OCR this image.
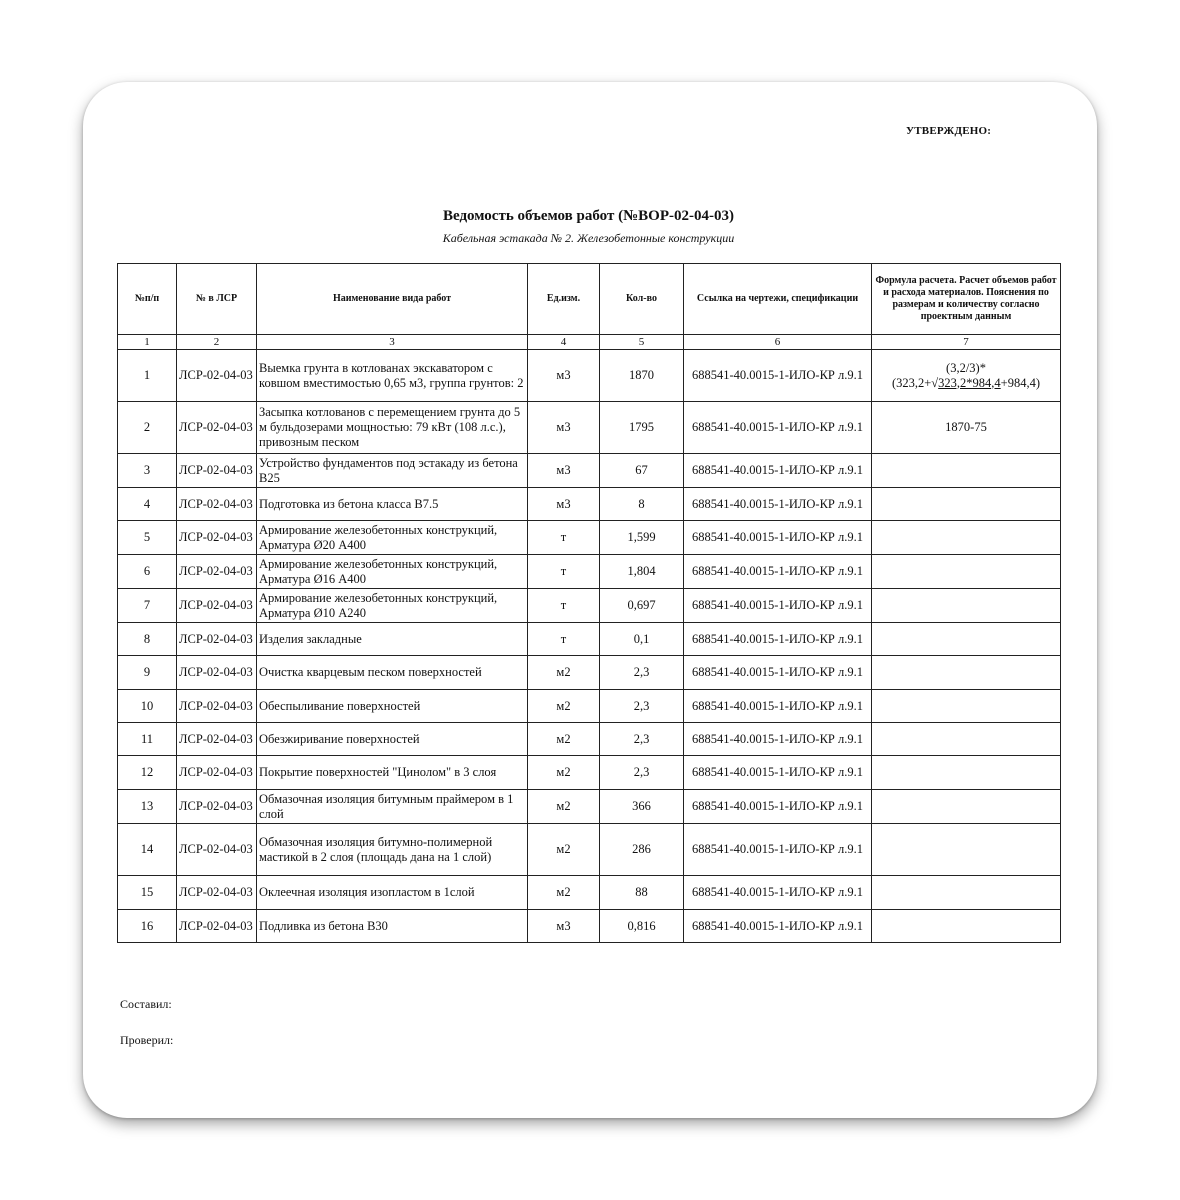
УТВЕРЖДЕНО:
Ведомость объемов работ (№ВОР-02-04-03)
Кабельная эстакада № 2. Железобетонные конструкции
№п/п	№ в ЛСР	Наименование вида работ	Ед.изм.	Кол-во	Ссылка на чертежи, спецификации	Формула расчета. Расчет объемов работ и расхода материалов. Пояснения по размерам и количеству согласно проектным данным
1	2	3	4	5	6	7
1	ЛСР-02-04-03	Выемка грунта в котлованах экскаватором с ковшом вместимостью 0,65 м3, группа грунтов: 2	м3	1870	688541-40.0015-1-ИЛО-КР л.9.1	(3,2/3)*(323,2+√323,2*984,4+984,4)
2	ЛСР-02-04-03	Засыпка котлованов с перемещением грунта до 5 м бульдозерами мощностью: 79 кВт (108 л.с.), привозным песком	м3	1795	688541-40.0015-1-ИЛО-КР л.9.1	1870-75
3	ЛСР-02-04-03	Устройство фундаментов под эстакаду из бетона В25	м3	67	688541-40.0015-1-ИЛО-КР л.9.1	
4	ЛСР-02-04-03	Подготовка из бетона класса В7.5	м3	8	688541-40.0015-1-ИЛО-КР л.9.1	
5	ЛСР-02-04-03	Армирование железобетонных конструкций, Арматура Ø20 А400	т	1,599	688541-40.0015-1-ИЛО-КР л.9.1	
6	ЛСР-02-04-03	Армирование железобетонных конструкций, Арматура Ø16 А400	т	1,804	688541-40.0015-1-ИЛО-КР л.9.1	
7	ЛСР-02-04-03	Армирование железобетонных конструкций, Арматура Ø10 А240	т	0,697	688541-40.0015-1-ИЛО-КР л.9.1	
8	ЛСР-02-04-03	Изделия закладные	т	0,1	688541-40.0015-1-ИЛО-КР л.9.1	
9	ЛСР-02-04-03	Очистка кварцевым песком поверхностей	м2	2,3	688541-40.0015-1-ИЛО-КР л.9.1	
10	ЛСР-02-04-03	Обеспыливание поверхностей	м2	2,3	688541-40.0015-1-ИЛО-КР л.9.1	
11	ЛСР-02-04-03	Обезжиривание поверхностей	м2	2,3	688541-40.0015-1-ИЛО-КР л.9.1	
12	ЛСР-02-04-03	Покрытие поверхностей "Цинолом" в 3 слоя	м2	2,3	688541-40.0015-1-ИЛО-КР л.9.1	
13	ЛСР-02-04-03	Обмазочная изоляция битумным праймером в 1 слой	м2	366	688541-40.0015-1-ИЛО-КР л.9.1	
14	ЛСР-02-04-03	Обмазочная изоляция битумно-полимерной мастикой в 2 слоя (площадь дана на 1 слой)	м2	286	688541-40.0015-1-ИЛО-КР л.9.1	
15	ЛСР-02-04-03	Оклеечная изоляция изопластом в 1слой	м2	88	688541-40.0015-1-ИЛО-КР л.9.1	
16	ЛСР-02-04-03	Подливка из бетона В30	м3	0,816	688541-40.0015-1-ИЛО-КР л.9.1	
Составил:
Проверил:
